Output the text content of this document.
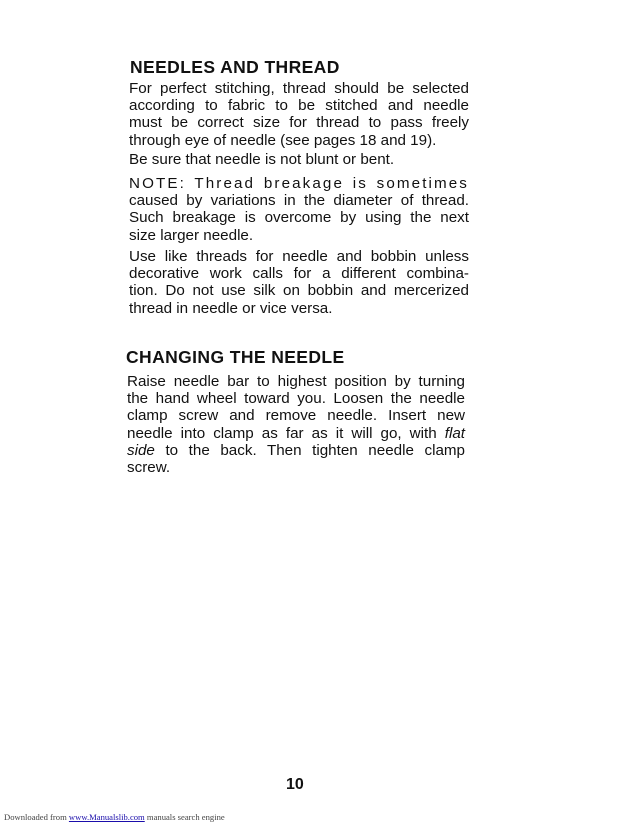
NEEDLES AND THREAD

For perfect stitching, thread should be selected
according to fabric to be stitched and needle
must be correct size for thread to pass freely
through eye of needle (see pages 18 and 19).

Be sure that needle is not blunt or bent.

NOTE: Thread breakage is sometimes
caused by variations in the diameter of thread.
Such breakage is overcome by using the next
size larger needle.

Use like threads for needle and bobbin unless
decorative work calls for a different combina-
tion. Do not use silk on bobbin and mercerized
thread in needle or vice versa.

CHANGING THE NEEDLE

Raise needle bar to highest position by turning
the hand wheel toward you. Loosen the needle
clamp screw and remove needle. Insert new
needle into clamp as far as it will go, with flat
side to the back. Then tighten needle clamp
screw.

10

Downloaded from www.Manualslib.com manuals search engine
